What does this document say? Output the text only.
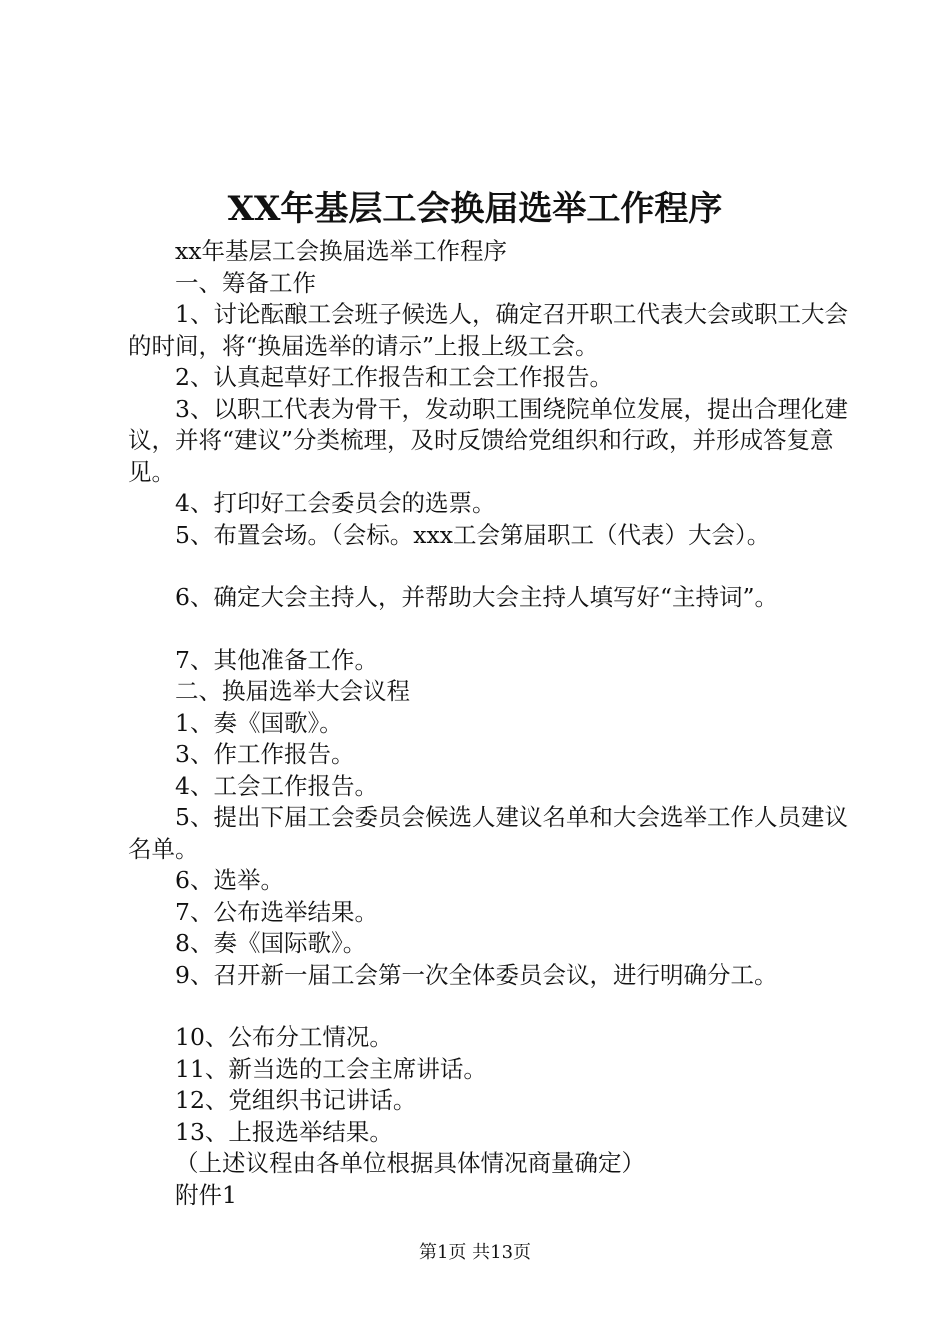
XX年基层工会换届选举工作程序

xx年基层工会换届选举工作程序

一、筹备工作

1、讨论酝酿工会班子候选人，确定召开职工代表大会或职工大会的时间，将“换届选举的请示”上报上级工会。

2、认真起草好工作报告和工会工作报告。

3、以职工代表为骨干，发动职工围绕院单位发展，提出合理化建议，并将“建议”分类梳理，及时反馈给党组织和行政，并形成答复意见。

4、打印好工会委员会的选票。

5、布置会场。（会标。xxx工会第届职工（代表）大会）。

6、确定大会主持人，并帮助大会主持人填写好“主持词”。

7、其他准备工作。

二、换届选举大会议程

1、奏《国歌》。

3、作工作报告。

4、工会工作报告。

5、提出下届工会委员会候选人建议名单和大会选举工作人员建议名单。

6、选举。

7、公布选举结果。

8、奏《国际歌》。

9、召开新一届工会第一次全体委员会议，进行明确分工。

10、公布分工情况。

11、新当选的工会主席讲话。

12、党组织书记讲话。

13、上报选举结果。

（上述议程由各单位根据具体情况商量确定）

附件1

第1页 共13页
